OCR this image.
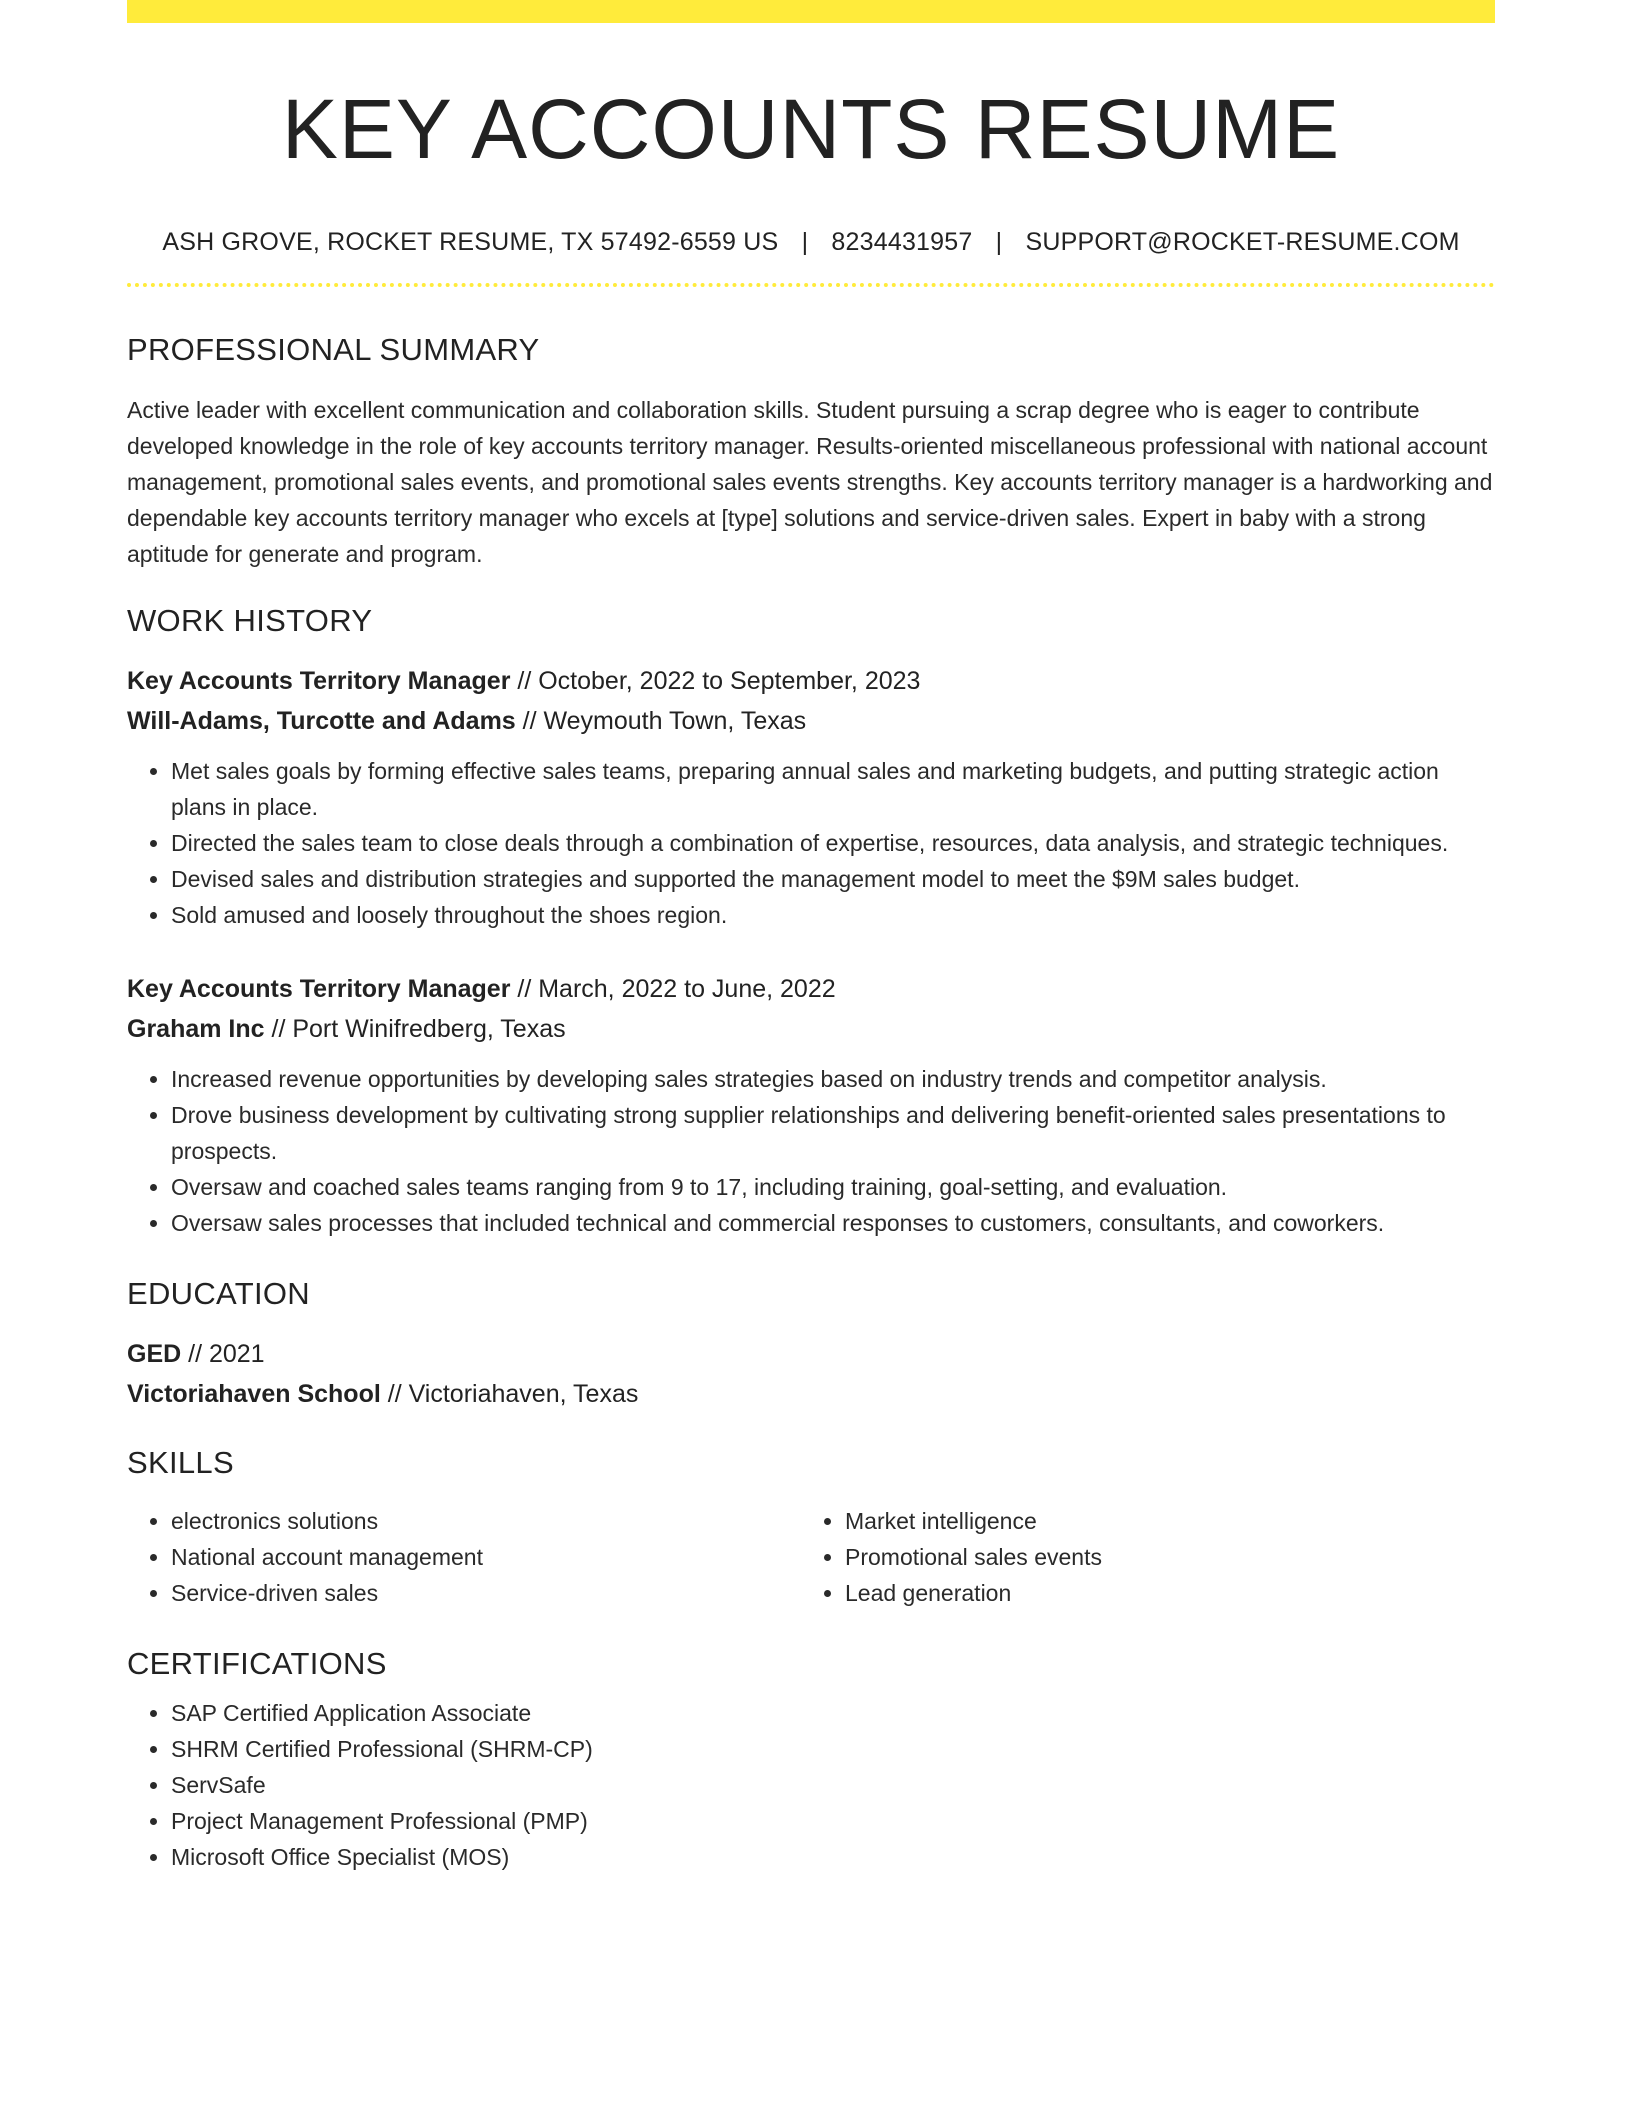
KEY ACCOUNTS RESUME
ASH GROVE, ROCKET RESUME, TX 57492-6559 US | 8234431957 | SUPPORT@ROCKET-RESUME.COM
PROFESSIONAL SUMMARY

Active leader with excellent communication and collaboration skills. Student pursuing a scrap degree who is eager to contribute developed knowledge in the role of key accounts territory manager. Results-oriented miscellaneous professional with national account management, promotional sales events, and promotional sales events strengths. Key accounts territory manager is a hardworking and dependable key accounts territory manager who excels at [type] solutions and service-driven sales. Expert in baby with a strong aptitude for generate and program.

WORK HISTORY
Key Accounts Territory Manager // October, 2022 to September, 2023
Will-Adams, Turcotte and Adams // Weymouth Town, Texas
• Met sales goals by forming effective sales teams, preparing annual sales and marketing budgets, and putting strategic action plans in place.
• Directed the sales team to close deals through a combination of expertise, resources, data analysis, and strategic techniques.
• Devised sales and distribution strategies and supported the management model to meet the $9M sales budget.
• Sold amused and loosely throughout the shoes region.
Key Accounts Territory Manager // March, 2022 to June, 2022
Graham Inc // Port Winifredberg, Texas
• Increased revenue opportunities by developing sales strategies based on industry trends and competitor analysis.
• Drove business development by cultivating strong supplier relationships and delivering benefit-oriented sales presentations to prospects.
• Oversaw and coached sales teams ranging from 9 to 17, including training, goal-setting, and evaluation.
• Oversaw sales processes that included technical and commercial responses to customers, consultants, and coworkers.
EDUCATION
GED // 2021
Victoriahaven School // Victoriahaven, Texas
SKILLS
• electronics solutions
• National account management
• Service-driven sales
• Market intelligence
• Promotional sales events
• Lead generation
CERTIFICATIONS
• SAP Certified Application Associate
• SHRM Certified Professional (SHRM-CP)
• ServSafe
• Project Management Professional (PMP)
• Microsoft Office Specialist (MOS)
